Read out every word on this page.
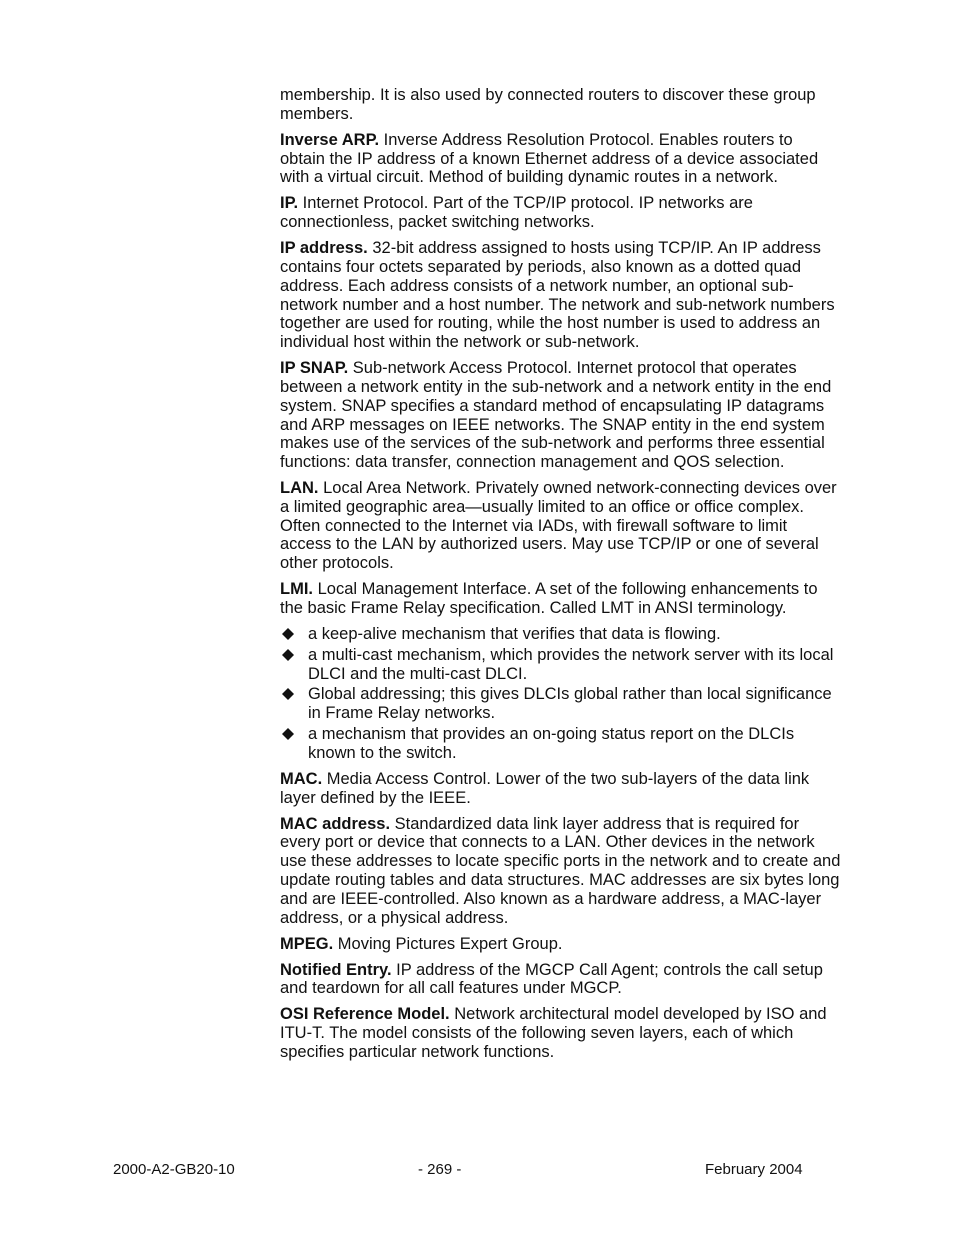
membership. It is also used by connected routers to discover these group members.

Inverse ARP. Inverse Address Resolution Protocol. Enables routers to obtain the IP address of a known Ethernet address of a device associated with a virtual circuit. Method of building dynamic routes in a network.

IP. Internet Protocol. Part of the TCP/IP protocol. IP networks are connectionless, packet switching networks.

IP address. 32-bit address assigned to hosts using TCP/IP. An IP address contains four octets separated by periods, also known as a dotted quad address. Each address consists of a network number, an optional sub-network number and a host number. The network and sub-network numbers together are used for routing, while the host number is used to address an individual host within the network or sub-network.

IP SNAP. Sub-network Access Protocol. Internet protocol that operates between a network entity in the sub-network and a network entity in the end system. SNAP specifies a standard method of encapsulating IP datagrams and ARP messages on IEEE networks. The SNAP entity in the end system makes use of the services of the sub-network and performs three essential functions: data transfer, connection management and QOS selection.

LAN. Local Area Network. Privately owned network-connecting devices over a limited geographic area—usually limited to an office or office complex. Often connected to the Internet via IADs, with firewall software to limit access to the LAN by authorized users. May use TCP/IP or one of several other protocols.

LMI. Local Management Interface. A set of the following enhancements to the basic Frame Relay specification. Called LMT in ANSI terminology.

a keep-alive mechanism that verifies that data is flowing.
a multi-cast mechanism, which provides the network server with its local DLCI and the multi-cast DLCI.
Global addressing; this gives DLCIs global rather than local significance in Frame Relay networks.
a mechanism that provides an on-going status report on the DLCIs known to the switch.

MAC. Media Access Control. Lower of the two sub-layers of the data link layer defined by the IEEE.

MAC address. Standardized data link layer address that is required for every port or device that connects to a LAN. Other devices in the network use these addresses to locate specific ports in the network and to create and update routing tables and data structures. MAC addresses are six bytes long and are IEEE-controlled. Also known as a hardware address, a MAC-layer address, or a physical address.

MPEG. Moving Pictures Expert Group.

Notified Entry. IP address of the MGCP Call Agent; controls the call setup and teardown for all call features under MGCP.

OSI Reference Model. Network architectural model developed by ISO and ITU-T. The model consists of the following seven layers, each of which specifies particular network functions.

2000-A2-GB20-10	- 269 -	February 2004
